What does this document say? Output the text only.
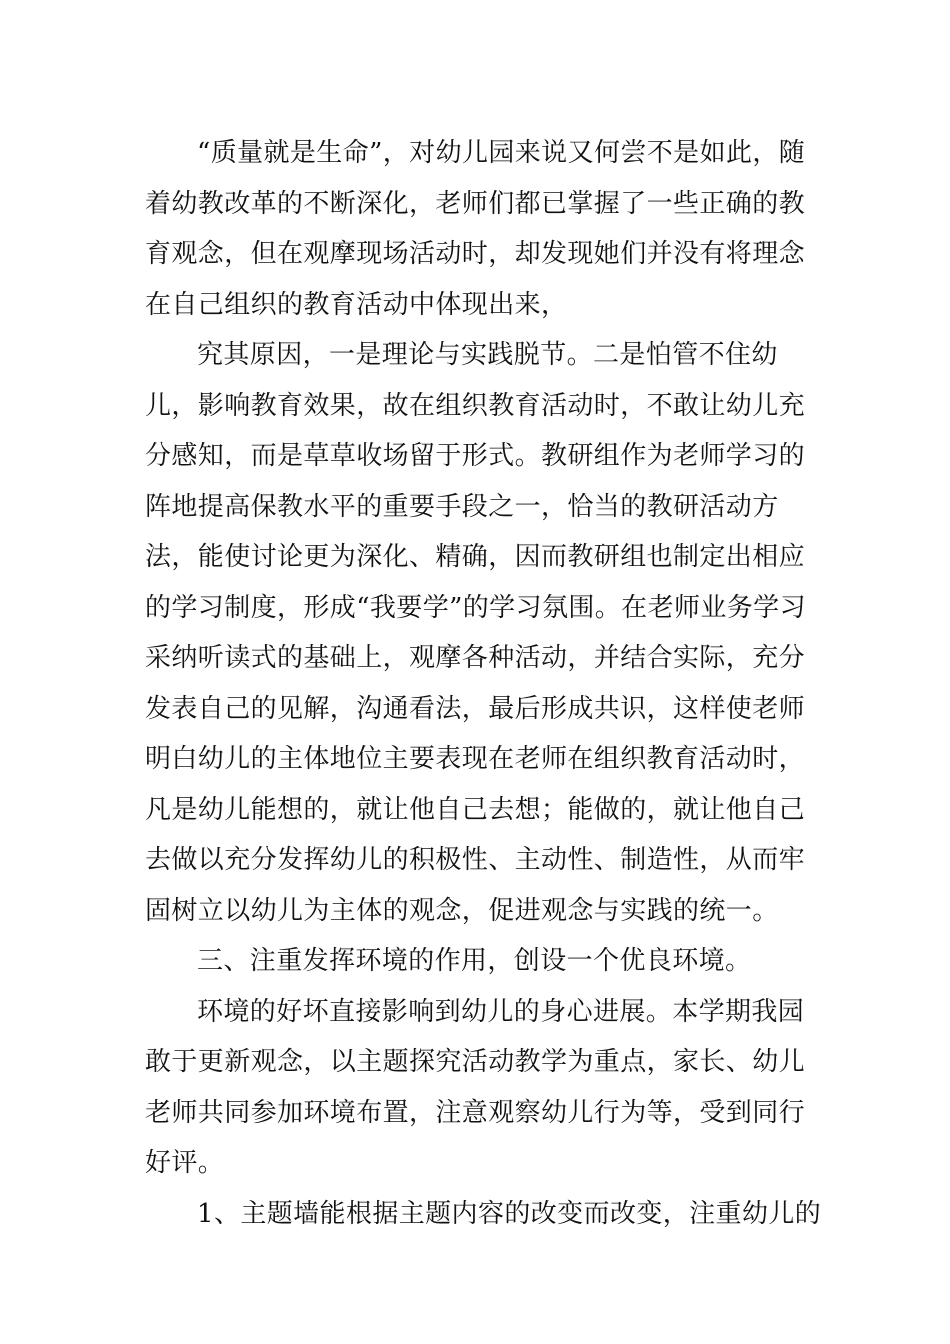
“质量就是生命”，对幼儿园来说又何尝不是如此，随着幼教改革的不断深化，老师们都已掌握了一些正确的教育观念，但在观摩现场活动时，却发现她们并没有将理念在自己组织的教育活动中体现出来，

究其原因，一是理论与实践脱节。二是怕管不住幼儿，影响教育效果，故在组织教育活动时，不敢让幼儿充分感知，而是草草收场留于形式。教研组作为老师学习的阵地提高保教水平的重要手段之一，恰当的教研活动方法，能使讨论更为深化、精确，因而教研组也制定出相应的学习制度，形成“我要学”的学习氛围。在老师业务学习采纳听读式的基础上，观摩各种活动，并结合实际，充分发表自己的见解，沟通看法，最后形成共识，这样使老师明白幼儿的主体地位主要表现在老师在组织教育活动时，凡是幼儿能想的，就让他自己去想；能做的，就让他自己去做以充分发挥幼儿的积极性、主动性、制造性，从而牢固树立以幼儿为主体的观念，促进观念与实践的统一。

三、注重发挥环境的作用，创设一个优良环境。

环境的好坏直接影响到幼儿的身心进展。本学期我园敢于更新观念，以主题探究活动教学为重点，家长、幼儿老师共同参加环境布置，注意观察幼儿行为等，受到同行好评。

1、主题墙能根据主题内容的改变而改变，注重幼儿的
